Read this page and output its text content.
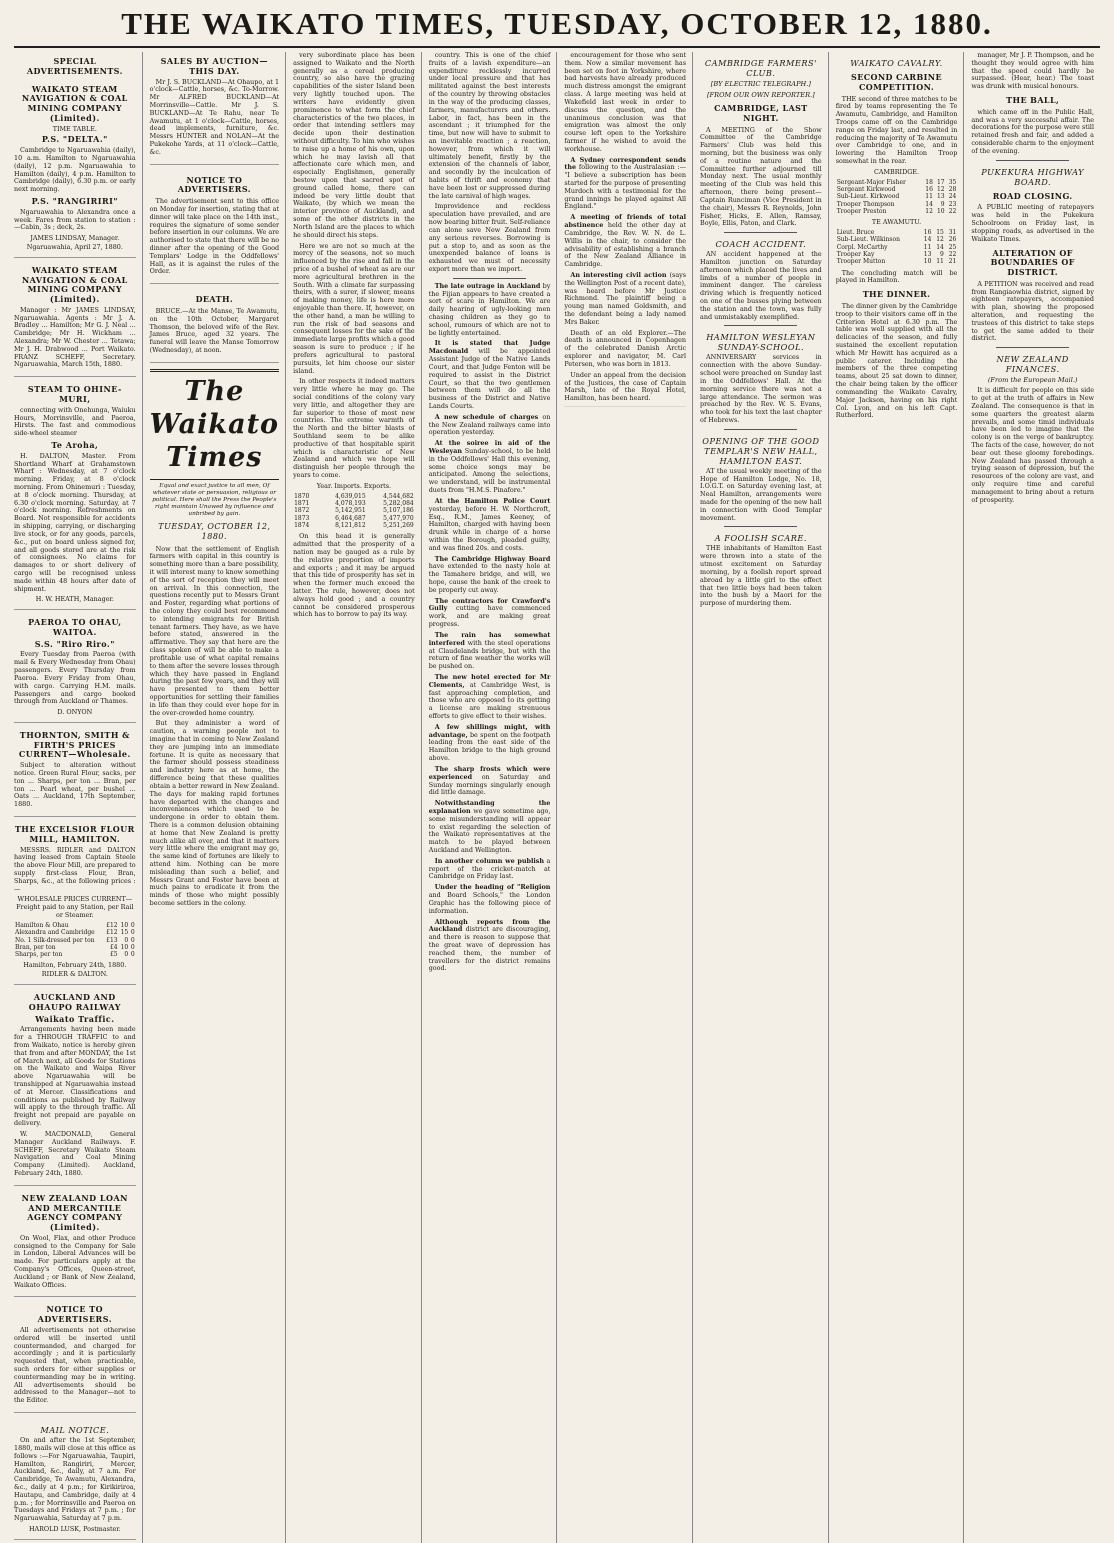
THE WAIKATO TIMES, TUESDAY, OCTOBER 12, 1880.
SPECIAL ADVERTISEMENTS.
WAIKATO STEAM NAVIGATION & COAL MINING COMPANY (Limited).
TIME TABLE.
P.S. "DELTA."

Cambridge to Ngaruawahia (daily), 10 a.m. Hamilton to Ngaruawahia (daily), 12 p.m. Ngaruawahia to Hamilton (daily), 4 p.m. Hamilton to Cambridge (daily), 6.30 p.m. or early next morning.

P.S. "RANGIRIRI"

Ngaruawahia to Alexandra once a week. Fares from station to station :—Cabin, 3s ; deck, 2s.

JAMES LINDSAY, Manager.
Ngaruawahia, April 27, 1880.
WAIKATO STEAM NAVIGATION & COAL MINING COMPANY (Limited).

Manager : Mr JAMES LINDSAY, Ngaruawahia. Agents : Mr J. A. Bradley ... Hamilton; Mr G. J. Neal ... Cambridge; Mr H. Wickham ... Alexandra; Mr W. Chester ... Tetawa; Mr J. H. Drabwood ... Port Waikato. FRANZ SCHEFF, Secretary. Ngaruawahia, March 15th, 1880.

STEAM TO OHINE-MURI,

connecting with Onehunga, Waiuku Hours, Morrinsville, and Paeroa, Hirsts. The fast and commodious side-wheel steamer

Te Aroha,

H. DALTON, Master. From Shortland Wharf at Grahamstown Wharf : Wednesday, at 7 o'clock morning. Friday, at 8 o'clock morning. From Ohinemuri : Tuesday, at 8 o'clock morning. Thursday, at 6.30 o'clock morning. Saturday, at 7 o'clock morning. Refreshments on Board. Not responsible for accidents in shipping, carrying, or discharging live stock, or for any goods, parcels, &c., put on board unless signed for, and all goods stored are at the risk of consignees. No claims for damages to or short delivery of cargo will be recognised unless made within 48 hours after date of shipment.

H. W. HEATH, Manager.
PAEROA TO OHAU, WAITOA.
S.S. "Riro Riro."

Every Tuesday from Paeroa (with mail & Every Wednesday from Ohau) passengers. Every Thursday from Paeroa. Every Friday from Ohau, with cargo. Carrying H.M. mails. Passengers and cargo booked through from Auckland or Thames.

D. ONYON
THORNTON, SMITH & FIRTH'S PRICES CURRENT—Wholesale.

Subject to alteration without notice. Green Rural Flour, sacks, per ton ... Sharps, per ton ... Bran, per ton ... Pearl wheat, per bushel ... Oats ... Auckland, 17th September, 1880.

THE EXCELSIOR FLOUR MILL, HAMILTON.

MESSRS. RIDLER and DALTON having leased from Captain Steele the above Flour Mill, are prepared to supply first-class Flour, Bran, Sharps, &c., at the following prices :—

WHOLESALE PRICES CURRENT— Freight paid to any Station, per Rail or Steamer.
Hamilton & Ohau	£12	10	0
Alexandra and Cambridge	£12	15	0
No. 1 Silk-dressed per ton	£13	0	0
Bran, per ton	£4	10	0
Sharps, per ton	£5	0	0
Hamilton, February 24th, 1880.
RIDLER & DALTON.
AUCKLAND AND OHAUPO RAILWAY
Waikato Traffic.

Arrangements having been made for a THROUGH TRAFFIC to and from Waikato, notice is hereby given that from and after MONDAY, the 1st of March next, all Goods for Stations on the Waikato and Waipa River above Ngaruawahia will be transhipped at Ngaruawahia instead of at Mercer. Classifications and conditions as published by Railway will apply to the through traffic. All freight not prepaid are payable on delivery.

W. MACDONALD, General Manager Auckland Railways. F. SCHEFF, Secretary Waikato Steam Navigation and Coal Mining Company (Limited). Auckland, February 24th, 1880.

NEW ZEALAND LOAN AND MERCANTILE AGENCY COMPANY (Limited).

On Wool, Flax, and other Produce consigned to the Company for Sale in London, Liberal Advances will be made. For particulars apply at the Company's Offices, Queen-street, Auckland ; or Bank of New Zealand, Waikato Offices.

NOTICE TO ADVERTISERS.

All advertisements not otherwise ordered will be inserted until countermanded, and charged for accordingly ; and it is particularly requested that, when practicable, such orders for either supplies or countermanding may be in writing. All advertisements should be addressed to the Manager—not to the Editor.

MAIL NOTICE.

On and after the 1st September, 1880, mails will close at this office as follows :—For Ngaruawahia, Taupiri, Hamilton, Rangiriri, Mercer, Auckland, &c., daily, at 7 a.m. For Cambridge, Te Awamutu, Alexandra, &c., daily at 4 p.m.; for Kirikiriroa, Hautapu, and Cambridge, daily at 4 p.m. ; for Morrinsville and Paeroa on Tuesdays and Fridays at 7 p.m. ; for Ngaruawahia, Saturday at 7 p.m.

HAROLD LUSK, Postmaster.
SALES BY AUCTION—THIS DAY.

Mr J. S. BUCKLAND—At Ohaupo, at 1 o'clock—Cattle, horses, &c. To-Morrow. Mr ALFRED BUCKLAND—At Morrinsville—Cattle. Mr J. S. BUCKLAND—At Te Rahu, near Te Awamutu, at 1 o'clock—Cattle, horses, dead implements, furniture, &c. Messrs HUNTER and NOLAN—At the Pukekohe Yards, at 11 o'clock—Cattle, &c.

NOTICE TO ADVERTISERS.

The advertisement sent to this office on Monday for insertion, stating that at dinner will take place on the 14th inst., requires the signature of some sender before insertion in our columns. We are authorised to state that there will be no dinner after the opening of the Good Templars' Lodge in the Oddfellows' Hall, as it is against the rules of the Order.

DEATH.

BRUCE.—At the Manse, Te Awamutu, on the 10th October, Margaret Thomson, the beloved wife of the Rev. James Bruce, aged 32 years. The funeral will leave the Manse Tomorrow (Wednesday), at noon.

The Waikato Times
Equal and exact justice to all men, Of whatever state or persuasion, religious or political. Here shall the Press the People's right maintain Unawed by influence and unbribed by gain.
TUESDAY, OCTOBER 12, 1880.

Now that the settlement of English farmers with capital in this country is something more than a bare possibility, it will interest many to know something of the sort of reception they will meet on arrival. In this connection, the questions recently put to Messrs Grant and Foster, regarding what portions of the colony they could best recommend to intending emigrants for British tenant farmers. They have, as we have before stated, answered in the affirmative. They say that here are the class spoken of will be able to make a profitable use of what capital remains to them after the severe losses through which they have passed in England during the past few years, and they will have presented to them better opportunities for settling their families in life than they could ever hope for in the over-crowded home country.

But they administer a word of caution, a warning people not to imagine that in coming to New Zealand they are jumping into an immediate fortune. It is quite as necessary that the farmer should possess steadiness and industry here as at home, the difference being that these qualities obtain a better reward in New Zealand. The days for making rapid fortunes have departed with the changes and inconveniences which used to be undergone in order to obtain them. There is a common delusion obtaining at home that New Zealand is pretty much alike all over, and that it matters very little where the emigrant may go, the same kind of fortunes are likely to attend him. Nothing can be more misleading than such a belief, and Messrs Grant and Foster have been at much pains to eradicate it from the minds of those who might possibly become settlers in the colony.

very subordinate place has been assigned to Waikato and the North generally as a cereal producing country, so also have the grazing capabilities of the sister Island been very lightly touched upon. The writers have evidently given prominence to what form the chief characteristics of the two places, in order that intending settlers may decide upon their destination without difficulty. To him who wishes to raise up a home of his own, upon which he may lavish all that affectionate care which men, and especially Englishmen, generally bestow upon that sacred spot of ground called home, there can indeed be very little doubt that Waikato, (by which we mean the interior province of Auckland), and some of the other districts in the North Island are the places to which he should direct his steps.

Here we are not so much at the mercy of the seasons, not so much influenced by the rise and fall in the price of a bushel of wheat as are our more agricultural brethren in the South. With a climate far surpassing theirs, with a surer, if slower, means of making money, life is here more enjoyable than there. If, however, on the other hand, a man be willing to run the risk of bad seasons and consequent losses for the sake of the immediate large profits which a good season is sure to produce ; if he prefers agricultural to pastoral pursuits, let him choose our sister island.

In other respects it indeed matters very little where he may go. The social conditions of the colony vary very little, and altogether they are far superior to those of most new countries. The extreme warmth of the North and the bitter blasts of Southland seem to be alike productive of that hospitable spirit which is characteristic of New Zealand and which we hope will distinguish her people through the years to come.

Year. Imports. Exports.
1870	4,639,015	4,544,682
1871	4,078,193	5,282,084
1872	5,142,951	5,107,186
1873	6,464,687	5,477,970
1874	8,121,812	5,251,269

On this head it is generally admitted that the prosperity of a nation may be gauged as a rule by the relative proportion of imports and exports ; and it may be argued that this tide of prosperity has set in when the former much exceed the latter. The rule, however, does not always hold good ; and a country cannot be considered prosperous which has to borrow to pay its way.

country. This is one of the chief fruits of a lavish expenditure—an expenditure recklessly incurred under local pressure and that has militated against the best interests of the country by throwing obstacles in the way of the producing classes, farmers, manufacturers and others. Labor, in fact, has been in the ascendant ; it triumphed for the time, but now will have to submit to an inevitable reaction ; a reaction, however, from which it will ultimately benefit, firstly by the extension of the channels of labor, and secondly by the inculcation of habits of thrift and economy that have been lost or suppressed during the late carnival of high wages.

Improvidence and reckless speculation have prevailed, and are now bearing bitter fruit. Self-reliance can alone save New Zealand from any serious reverses. Borrowing is put a stop to, and as soon as the unexpended balance of loans is exhausted we must of necessity export more than we import.

The late outrage in Auckland by the Fijian appears to have created a sort of scare in Hamilton. We are daily hearing of ugly-looking men chasing children as they go to school, rumours of which are not to be lightly entertained.

It is stated that Judge Macdonald will be appointed Assistant Judge of the Native Lands Court, and that Judge Fenton will be required to assist in the District Court, so that the two gentlemen between them will do all the business of the District and Native Lands Courts.

A new schedule of charges on the New Zealand railways came into operation yesterday.

At the soiree in aid of the Wesleyan Sunday-school, to be held in the Oddfellows' Hall this evening, some choice songs may be anticipated. Among the selections, we understand, will be instrumental duets from "H.M.S. Pinafore."

At the Hamilton Police Court yesterday, before H. W. Northcroft, Esq., R.M., James Keeney, of Hamilton, charged with having been drunk while in charge of a horse within the Borough, pleaded guilty, and was fined 20s. and costs.

The Cambridge Highway Board have extended to the nasty hole at the Tamahere bridge, and will, we hope, cause the bank of the creek to be properly cut away.

The contractors for Crawford's Gully cutting have commenced work, and are making great progress.

The rain has somewhat interfered with the steel operations at Claudelands bridge, but with the return of fine weather the works will be pushed on.

The new hotel erected for Mr Clements, at Cambridge West, is fast approaching completion, and those who are opposed to its getting a license are making strenuous efforts to give effect to their wishes.

A few shillings might, with advantage, be spent on the footpath leading from the east side of the Hamilton bridge to the high ground above.

The sharp frosts which were experienced on Saturday and Sunday mornings singularly enough did little damage.

Notwithstanding the explanation we gave sometime ago, some misunderstanding will appear to exist regarding the selection of the Waikato representatives at the match to be played between Auckland and Wellington.

In another column we publish a report of the cricket-match at Cambridge on Friday last.

Under the heading of "Religion and Board Schools," the London Graphic has the following piece of information.

Although reports from the Auckland district are discouraging, and there is reason to suppose that the great wave of depression has reached them, the number of travellers for the district remains good.

encouragement for those who sent them. Now a similar movement has been set on foot in Yorkshire, where bad harvests have already produced much distress amongst the emigrant class. A large meeting was held at Wakefield last week in order to discuss the question, and the unanimous conclusion was that emigration was almost the only course left open to the Yorkshire farmer if he wished to avoid the workhouse.

A Sydney correspondent sends the following to the Australasian :— "I believe a subscription has been started for the purpose of presenting Murdoch with a testimonial for the grand innings he played against All England."

A meeting of friends of total abstinence held the other day at Cambridge, the Rev. W. N. de L. Willis in the chair, to consider the advisability of establishing a branch of the New Zealand Alliance in Cambridge.

An interesting civil action (says the Wellington Post of a recent date), was heard before Mr Justice Richmond. The plaintiff being a young man named Goldsmith, and the defendant being a lady named Mrs Baker.

Death of an old Explorer.—The death is announced in Copenhagen of the celebrated Danish Arctic explorer and navigator, M. Carl Petersen, who was born in 1813.

Under an appeal from the decision of the Justices, the case of Captain Marsh, late of the Royal Hotel, Hamilton, has been heard.

CAMBRIDGE FARMERS' CLUB.
[BY ELECTRIC TELEGRAPH.]
[FROM OUR OWN REPORTER.]
CAMBRIDGE, LAST NIGHT.

A MEETING of the Show Committee of the Cambridge Farmers' Club was held this morning, but the business was only of a routine nature and the Committee further adjourned till Monday next. The usual monthly meeting of the Club was held this afternoon, there being present—Captain Runciman (Vice President in the chair), Messrs R. Reynolds, John Fisher, Hicks, E. Allen, Ramsay, Boyle, Ellis, Paton, and Clark.

COACH ACCIDENT.

AN accident happened at the Hamilton junction on Saturday afternoon which placed the lives and limbs of a number of people in imminent danger. The careless driving which is frequently noticed on one of the busses plying between the station and the town, was fully and unmistakably exemplified.

HAMILTON WESLEYAN SUNDAY-SCHOOL.

ANNIVERSARY services in connection with the above Sunday-school were preached on Sunday last in the Oddfellows' Hall. At the morning service there was not a large attendance. The sermon was preached by the Rev. W. S. Evans, who took for his text the last chapter of Hebrews.

OPENING OF THE GOOD TEMPLAR'S NEW HALL, HAMILTON EAST.

AT the usual weekly meeting of the Hope of Hamilton Lodge, No. 18, I.O.G.T. on Saturday evening last, at Neal Hamilton, arrangements were made for the opening of the new hall in connection with Good Templar movement.

A FOOLISH SCARE.

THE inhabitants of Hamilton East were thrown into a state of the utmost excitement on Saturday morning, by a foolish report spread abroad by a little girl to the effect that two little boys had been taken into the bush by a Maori for the purpose of murdering them.

WAIKATO CAVALRY.
SECOND CARBINE COMPETITION.

THE second of three matches to be fired by teams representing the Te Awamutu, Cambridge, and Hamilton Troops came off on the Cambridge range on Friday last, and resulted in reducing the majority of Te Awamutu over Cambridge to one, and in lowering the Hamilton Troop somewhat in the rear.

CAMBRIDGE.
Sergeant-Major Fisher	18	17	35
Sergeant Kirkwood	16	12	28
Sub-Lieut. Kirkwood	11	13	24
Trooper Thompson	14	9	23
Trooper Preston	12	10	22
TE AWAMUTU.
Lieut. Bruce	16	15	31
Sub-Lieut. Wilkinson	14	12	26
Corpl. McCarthy	11	14	25
Trooper Kay	13	9	22
Trooper Mutton	10	11	21

The concluding match will be played in Hamilton.

THE DINNER.

The dinner given by the Cambridge troop to their visitors came off in the Criterion Hotel at 6.30 p.m. The table was well supplied with all the delicacies of the season, and fully sustained the excellent reputation which Mr Hewitt has acquired as a public caterer. Including the members of the three competing teams, about 25 sat down to dinner, the chair being taken by the officer commanding the Waikato Cavalry, Major Jackson, having on his right Col. Lyon, and on his left Capt. Rutherford.

manager, Mr J. P. Thompson, and he thought they would agree with him that the speed could hardly be surpassed. (Hear, hear.) The toast was drunk with musical honours.

THE BALL,

which came off in the Public Hall, and was a very successful affair. The decorations for the purpose were still retained fresh and fair, and added a considerable charm to the enjoyment of the evening.

PUKEKURA HIGHWAY BOARD.
ROAD CLOSING.

A PUBLIC meeting of ratepayers was held in the Pukekura Schoolroom on Friday last, in stopping roads, as advertised in the Waikato Times.

ALTERATION OF BOUNDARIES OF DISTRICT.

A PETITION was received and read from Rangiaowhia district, signed by eighteen ratepayers, accompanied with plan, showing the proposed alteration, and requesting the trustees of this district to take steps to get the same added to their district.

NEW ZEALAND FINANCES.
(From the European Mail.)

It is difficult for people on this side to get at the truth of affairs in New Zealand. The consequence is that in some quarters the greatest alarm prevails, and some timid individuals have been led to imagine that the colony is on the verge of bankruptcy. The facts of the case, however, do not bear out these gloomy forebodings. New Zealand has passed through a trying season of depression, but the resources of the colony are vast, and only require time and careful management to bring about a return of prosperity.
